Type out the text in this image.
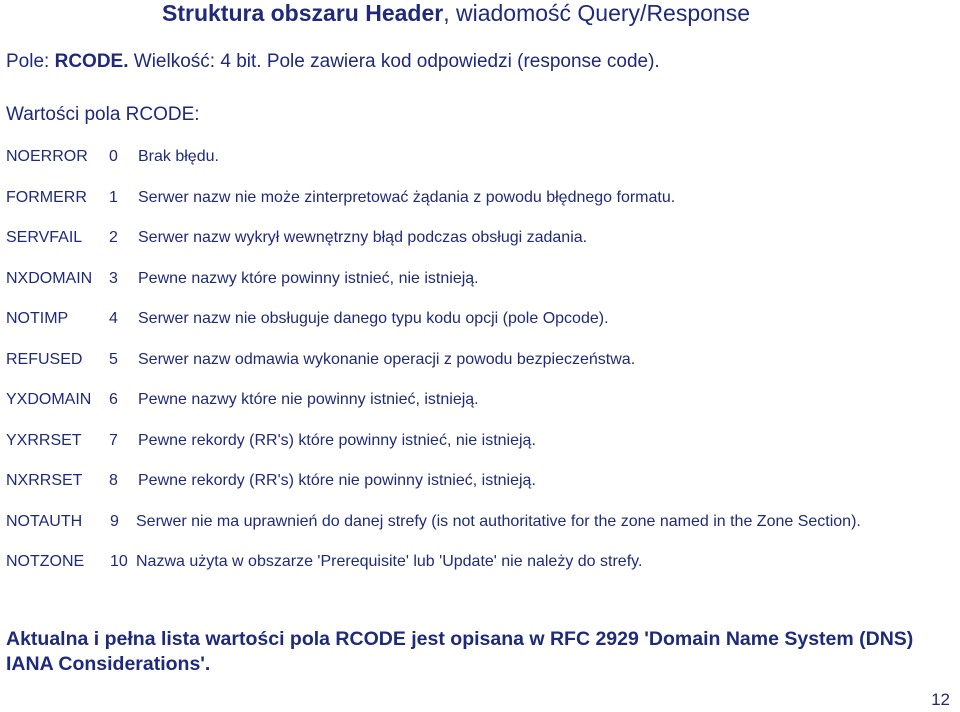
Struktura obszaru Header, wiadomość Query/Response
Pole: RCODE. Wielkość: 4 bit. Pole zawiera kod odpowiedzi (response code).
Wartości pola RCODE:
NOERROR 0 Brak błędu.
FORMERR 1 Serwer nazw nie może zinterpretować żądania z powodu błędnego formatu.
SERVFAIL 2 Serwer nazw wykrył wewnętrzny błąd podczas obsługi zadania.
NXDOMAIN 3 Pewne nazwy które powinny istnieć, nie istnieją.
NOTIMP	4 Serwer nazw nie obsługuje danego typu kodu opcji (pole Opcode).
REFUSED 5 Serwer nazw odmawia wykonanie operacji z powodu bezpieczeństwa.
YXDOMAIN 6 Pewne nazwy które nie powinny istnieć, istnieją.
YXRRSET 7 Pewne rekordy (RR's) które powinny istnieć, nie istnieją.
NXRRSET 8 Pewne rekordy (RR's) które nie powinny istnieć, istnieją.
NOTAUTH 9 Serwer nie ma uprawnień do danej strefy (is not authoritative for the zone named in the Zone Section).
NOTZONE 10 Nazwa użyta w obszarze 'Prerequisite' lub 'Update' nie należy do strefy.
Aktualna i pełna lista wartości pola RCODE jest opisana w RFC 2929 'Domain Name System (DNS) IANA Considerations'.
12
